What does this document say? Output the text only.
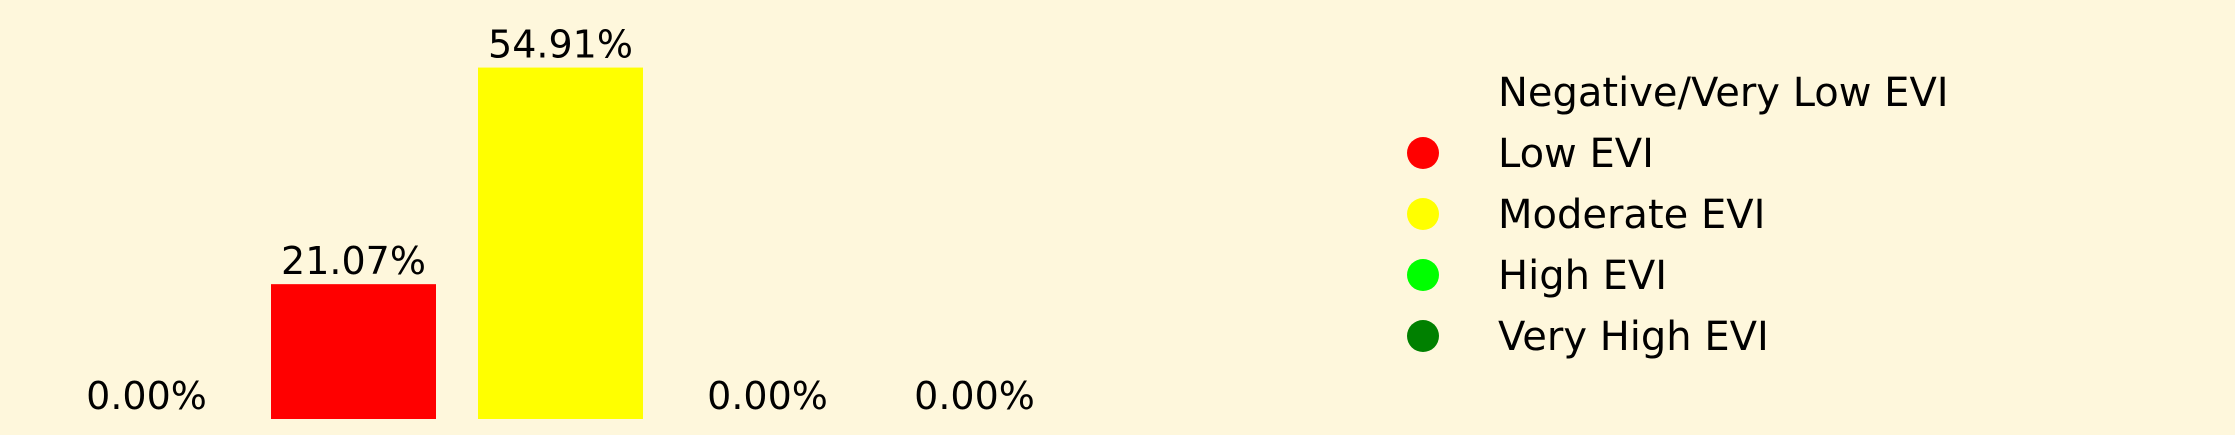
0.00%
21.07%
54.91%
0.00% 0.00%
Negative/Very Low EVI
Low EVI
Moderate EVI
High EVI
Very High EVI
